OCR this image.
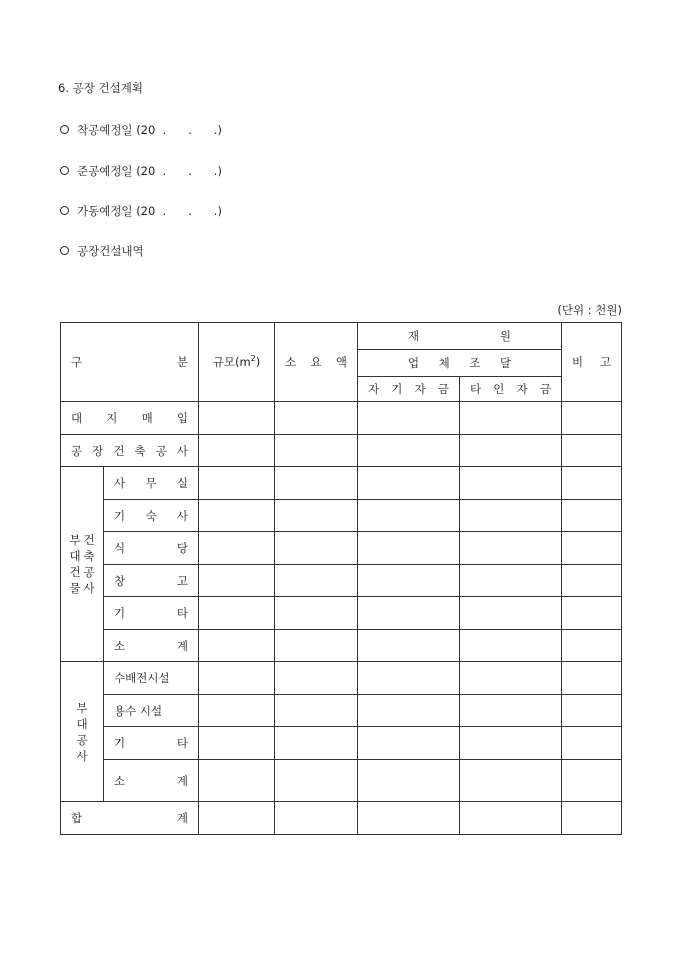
6. 공장 건설계획
착공예정일 (20  .      .      .)
준공예정일 (20  .      .      .)
가동예정일 (20  .      .      .)
공장건설내역
(단위 : 천원)
구 분		규모$(m^2)$	소 요 액	재 원		비 고
				업 체 조 달		
				자 기 자 금	타 인 자 금	
대 지 매 입						
공 장 건 축 공 사						
부대건물건축공사	사 무 실					
	기 숙 사					
	식 당					
	창 고					
	기 타					
	소 계					
부대공사	수배전시설					
	용수 시설					
	기 타					
	소 계					
합 계						
